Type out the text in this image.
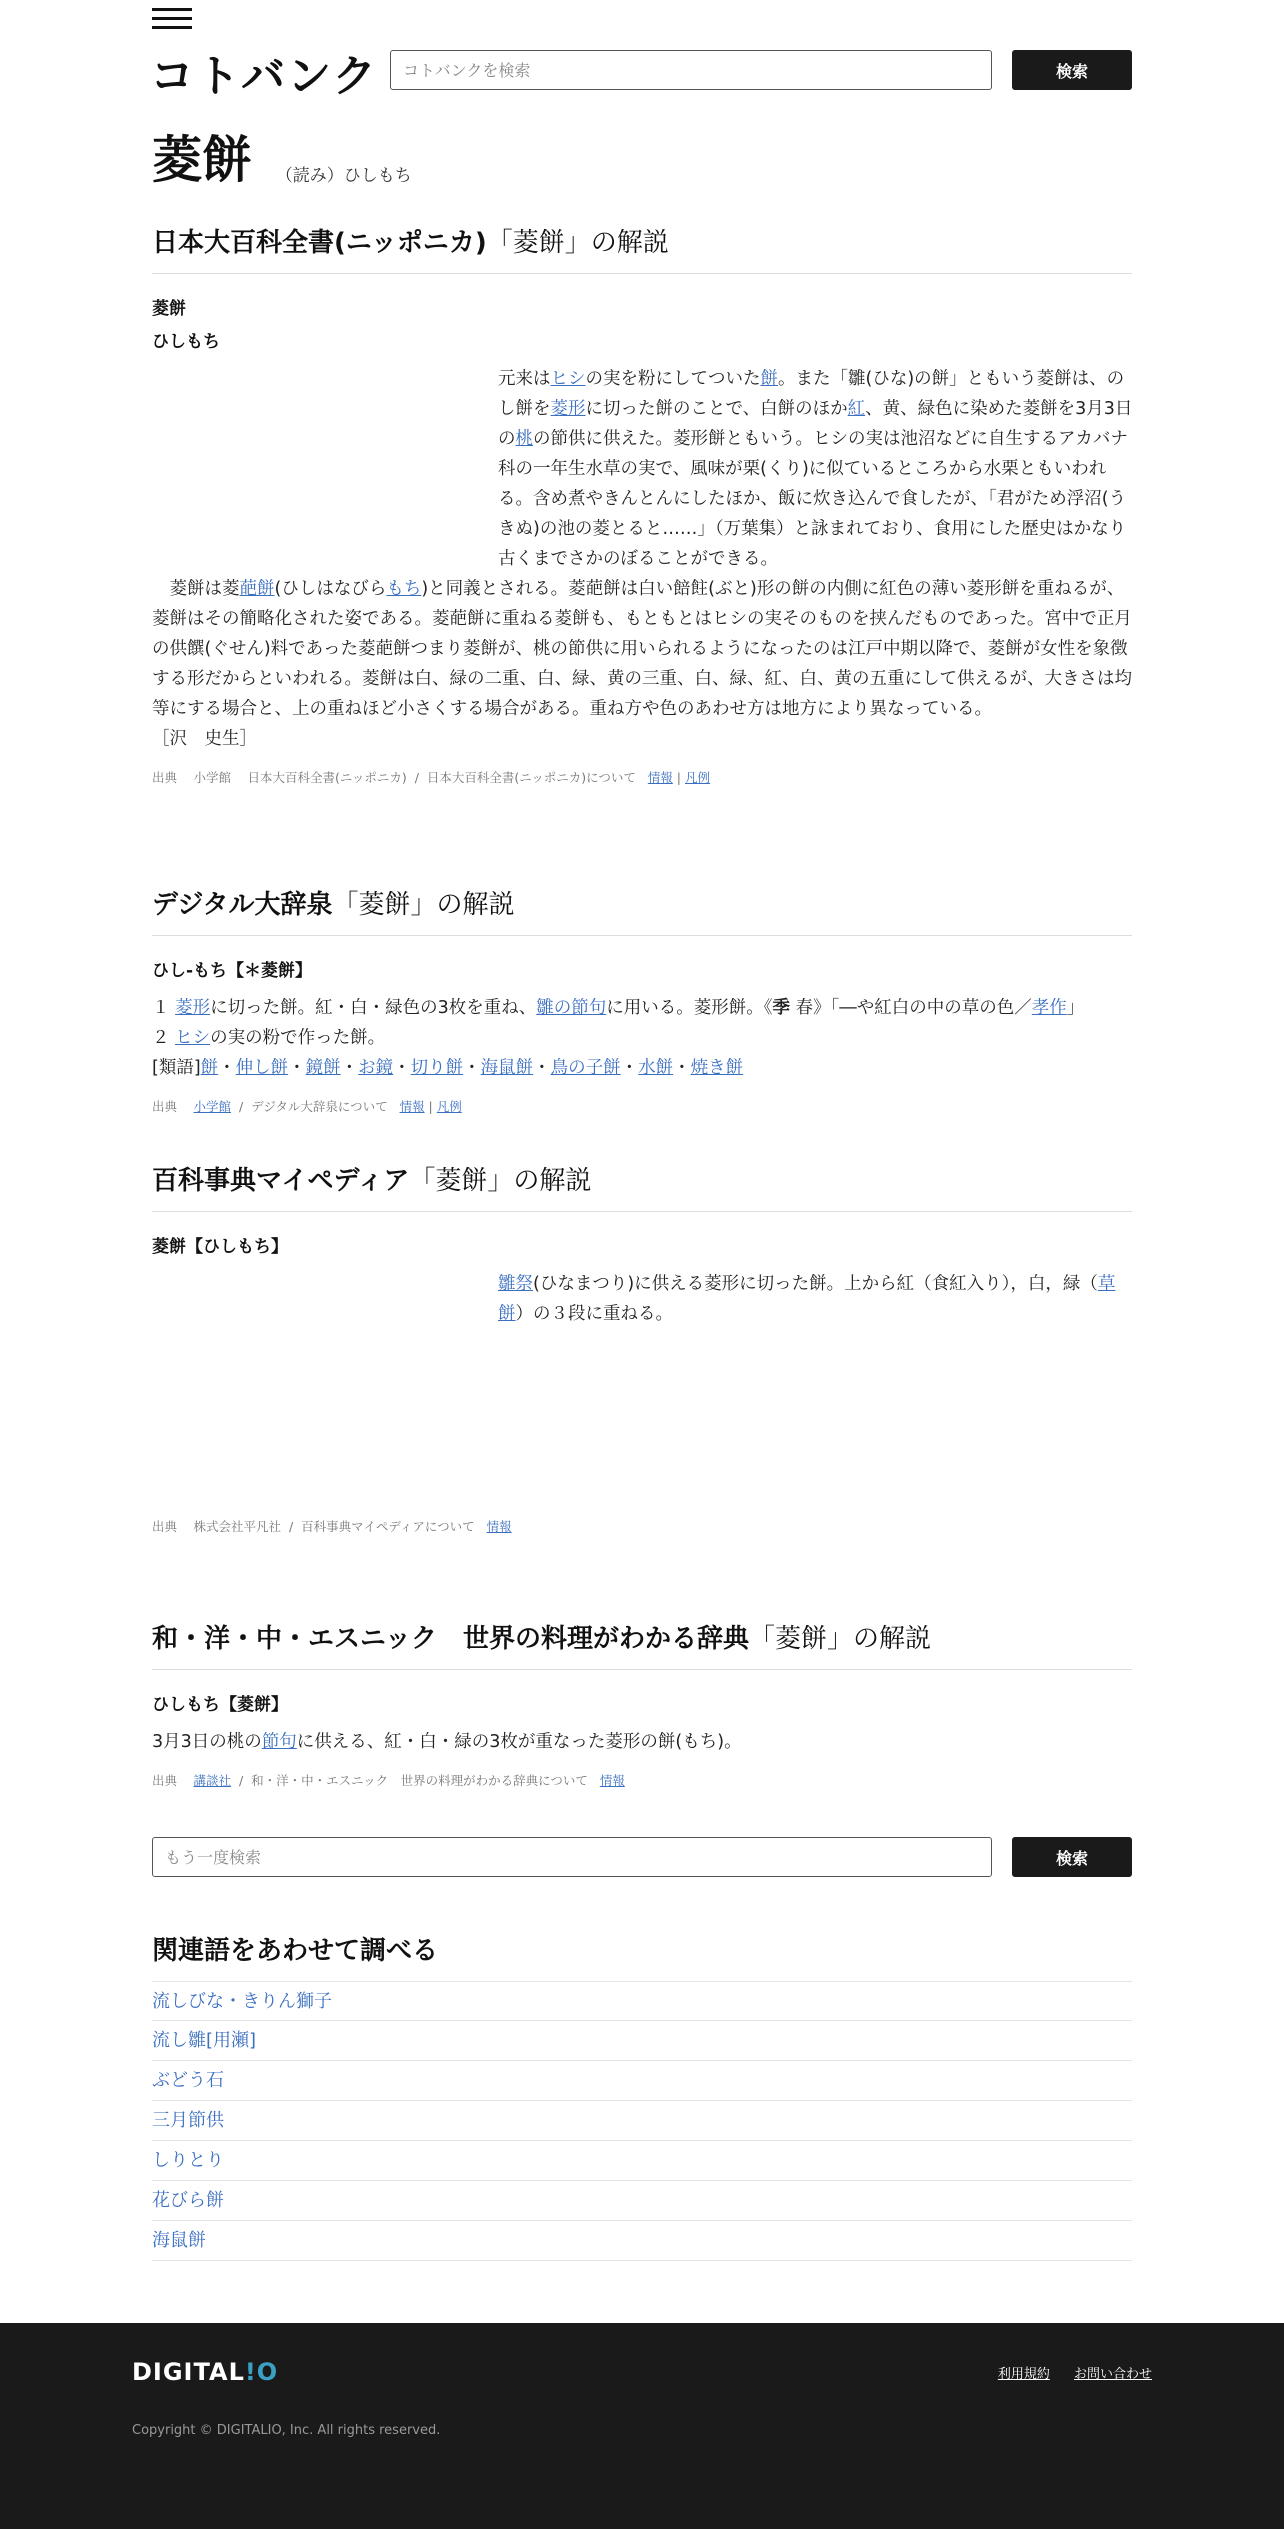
コトバンク
コトバンクを検索	検索
菱餅 （読み）ひしもち
日本大百科全書(ニッポニカ)「菱餅」の解説
菱餅
ひしもち
元来はヒシの実を粉にしてついた餅。また「雛(ひな)の餅」ともいう菱餅は、のし餅を菱形に切った餅のことで、白餅のほか紅、黄、緑色に染めた菱餅を3月3日の桃の節供に供えた。菱形餅ともいう。ヒシの実は池沼などに自生するアカバナ科の一年生水草の実で、風味が栗(くり)に似ているところから水栗ともいわれる。含め煮やきんとんにしたほか、飯に炊き込んで食したが、「君がため浮沼(うきぬ)の池の菱とると……」（万葉集）と詠まれており、食用にした歴史はかなり古くまでさかのぼることができる。
　菱餅は菱葩餅(ひしはなびらもち)と同義とされる。菱葩餅は白い餢飳(ぶと)形の餅の内側に紅色の薄い菱形餅を重ねるが、菱餅はその簡略化された姿である。菱葩餅に重ねる菱餅も、もともとはヒシの実そのものを挟んだものであった。宮中で正月の供饌(ぐせん)料であった菱葩餅つまり菱餅が、桃の節供に用いられるようになったのは江戸中期以降で、菱餅が女性を象徴する形だからといわれる。菱餅は白、緑の二重、白、緑、黄の三重、白、緑、紅、白、黄の五重にして供えるが、大きさは均等にする場合と、上の重ねほど小さくする場合がある。重ね方や色のあわせ方は地方により異なっている。
［沢　史生］
出典　 小学館　 日本大百科全書(ニッポニカ)  /  日本大百科全書(ニッポニカ)について 情報 | 凡例
デジタル大辞泉「菱餅」の解説
ひし‐もち【＊菱餅】
１ 菱形に切った餅。紅・白・緑色の3枚を重ね、雛の節句に用いる。菱形餅。《季 春》「―や紅白の中の草の色／孝作」
２ ヒシの実の粉で作った餅。
[類語]餅・伸し餅・鏡餅・お鏡・切り餅・海鼠餅・鳥の子餅・水餅・焼き餅
出典　 小学館  /  デジタル大辞泉について 情報 | 凡例
百科事典マイペディア「菱餅」の解説
菱餅【ひしもち】
雛祭(ひなまつり)に供える菱形に切った餅。上から紅（食紅入り），白，緑（草餅）の３段に重ねる。
出典　 株式会社平凡社  /  百科事典マイペディアについて 情報
和・洋・中・エスニック　世界の料理がわかる辞典「菱餅」の解説
ひしもち【菱餅】
3月3日の桃の節句に供える、紅・白・緑の3枚が重なった菱形の餅(もち)。
出典　 講談社  /  和・洋・中・エスニック　世界の料理がわかる辞典について 情報
もう一度検索
検索
関連語をあわせて調べる
流しびな・きりん獅子
流し雛[用瀬]
ぶどう石
三月節供
しりとり
花びら餅
海鼠餅
DIGITAL!O	利用規約 お問い合わせ
Copyright © DIGITALIO, Inc. All rights reserved.
